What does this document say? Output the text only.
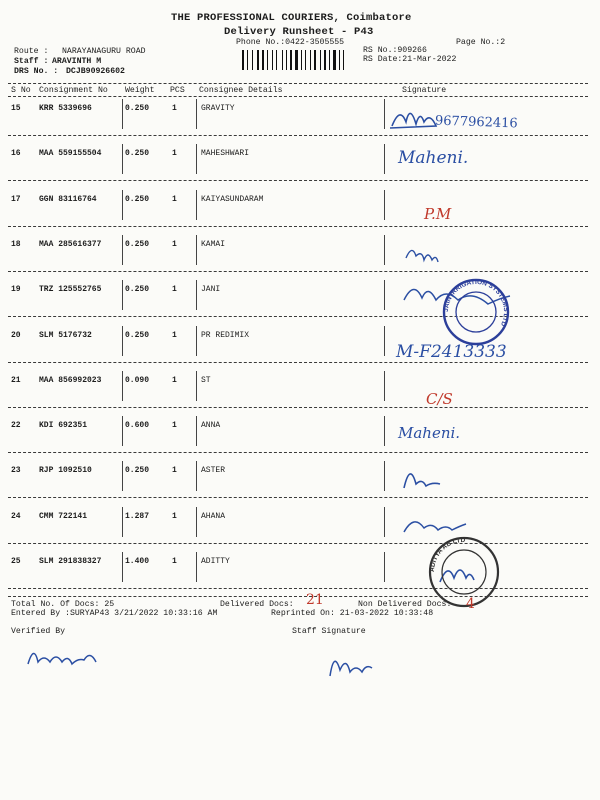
THE PROFESSIONAL COURIERS, Coimbatore
Delivery Runsheet - P43
Phone No.:0422-3505555	Page No.:2
Route : NARAYANAGURU ROAD
Staff : ARAVINTH M
DRS No. : DCJB90926602
RS No.:909266
RS Date:21-Mar-2022
S No Consignment No Weight PCS Consignee Details	Signature
15 KRR 5339696	0.250	1	GRAVITY
16 MAA 559155504	0.250	1	MAHESHWARI
17 GGN 83116764	0.250	1	KAIYASUNDARAM
18 MAA 285616377	0.250	1	KAMAI
19 TRZ 125552765	0.250	1	JANI
20 SLM 5176732	0.250	1	PR REDIMIX
21 MAA 856992023	0.090	1	ST
22 KDI 692351	0.600	1	ANNA
23 RJP 1092510	0.250	1	ASTER
24 CMM 722141	1.287	1	AHANA
25 SLM 291838327	1.400	1	ADITTY
JAIN IRRIGATION SYSTEMS LTD
ADITYA AB LTD
9677962416
Maheni.
P.M
M-F2413333
C/S
Maheni.
Total No. Of Docs: 25	Delivered Docs: 21	Non Delivered Docs: 4
Entered By :SURYAP43 3/21/2022 10:33:16 AM	Reprinted On: 21-03-2022 10:33:48
Verified By	Staff Signature
